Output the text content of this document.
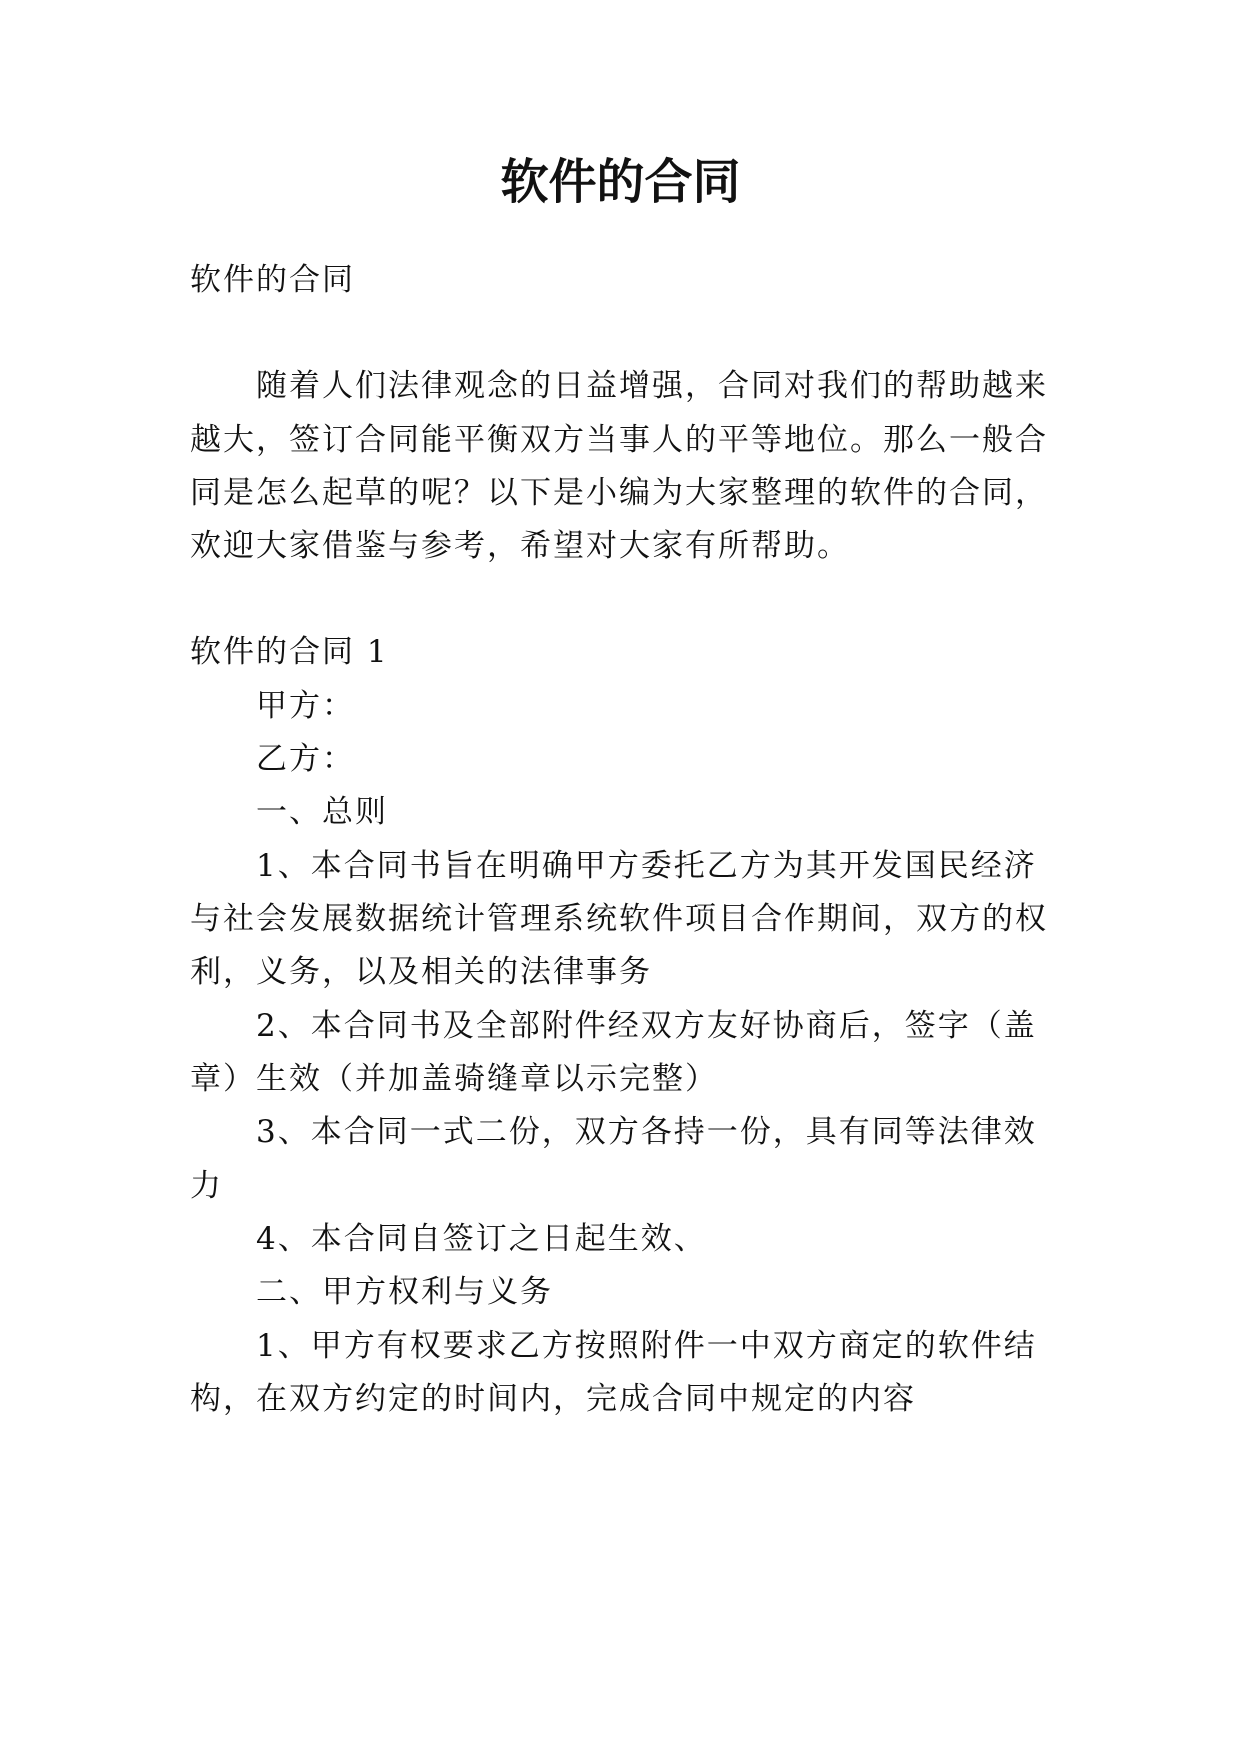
软件的合同

软件的合同

随着人们法律观念的日益增强，合同对我们的帮助越来

越大，签订合同能平衡双方当事人的平等地位。那么一般合

同是怎么起草的呢？以下是小编为大家整理的软件的合同，

欢迎大家借鉴与参考，希望对大家有所帮助。

软件的合同 1

甲方：

乙方：

一、总则

1、本合同书旨在明确甲方委托乙方为其开发国民经济

与社会发展数据统计管理系统软件项目合作期间，双方的权

利，义务，以及相关的法律事务

2、本合同书及全部附件经双方友好协商后，签字（盖

章）生效（并加盖骑缝章以示完整）

3、本合同一式二份，双方各持一份，具有同等法律效

力

4、本合同自签订之日起生效、

二、甲方权利与义务

1、甲方有权要求乙方按照附件一中双方商定的软件结

构，在双方约定的时间内，完成合同中规定的内容
